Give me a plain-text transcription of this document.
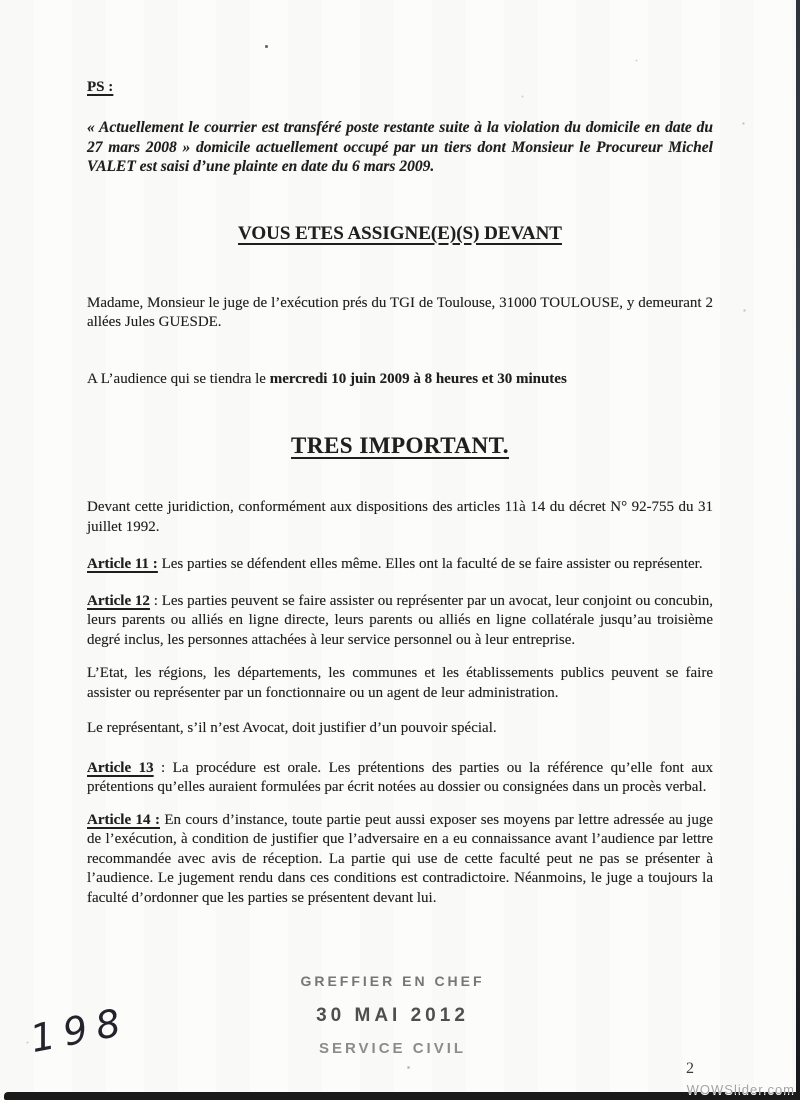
PS :
« Actuellement le courrier est transféré poste restante suite à la violation du domicile en date du 27 mars 2008 » domicile actuellement occupé par un tiers dont Monsieur le Procureur Michel VALET est saisi d’une plainte en date du 6 mars 2009.
VOUS ETES ASSIGNE(E)(S) DEVANT
Madame, Monsieur le juge de l’exécution prés du TGI de Toulouse, 31000 TOULOUSE, y demeurant 2 allées Jules GUESDE.
A L’audience qui se tiendra le mercredi 10 juin 2009 à 8 heures et 30 minutes
TRES IMPORTANT.
Devant cette juridiction, conformément aux dispositions des articles 11à 14 du décret N° 92-755 du 31 juillet 1992.
Article 11 : Les parties se défendent elles même. Elles ont la faculté de se faire assister ou représenter.
Article 12 : Les parties peuvent se faire assister ou représenter par un avocat, leur conjoint ou concubin, leurs parents ou alliés en ligne directe, leurs parents ou alliés en ligne collatérale jusqu’au troisième degré inclus, les personnes attachées à leur service personnel ou à leur entreprise.
L’Etat, les régions, les départements, les communes et les établissements publics peuvent se faire assister ou représenter par un fonctionnaire ou un agent de leur administration.
Le représentant, s’il n’est Avocat, doit justifier d’un pouvoir spécial.
Article 13 : La procédure est orale. Les prétentions des parties ou la référence qu’elle font aux prétentions qu’elles auraient formulées par écrit notées au dossier ou consignées dans un procès verbal.
Article 14 : En cours d’instance, toute partie peut aussi exposer ses moyens par lettre adressée au juge de l’exécution, à condition de justifier que l’adversaire en a eu connaissance avant l’audience par lettre recommandée avec avis de réception. La partie qui use de cette faculté peut ne pas se présenter à l’audience. Le jugement rendu dans ces conditions est contradictoire. Néanmoins, le juge a toujours la faculté d’ordonner que les parties se présentent devant lui.
GREFFIER EN CHEF
30 MAI 2012
SERVICE CIVIL
198
2
WOWSlider.com
